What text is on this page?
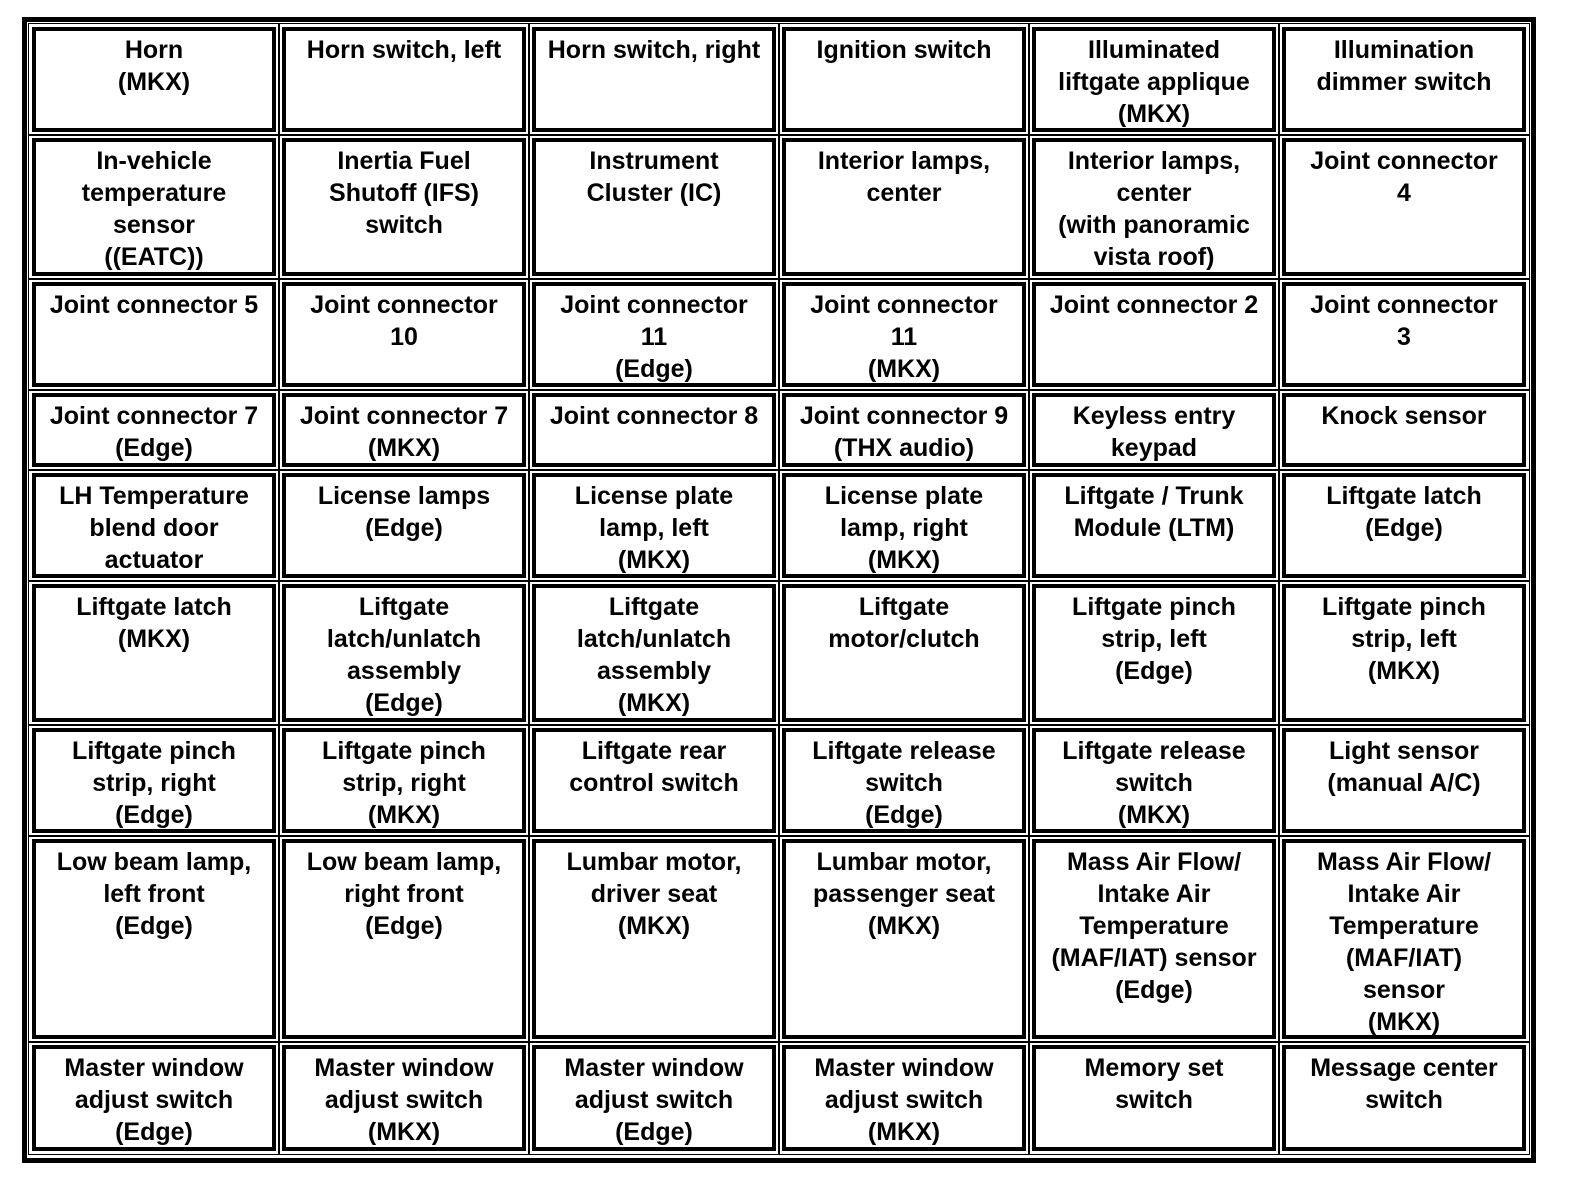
Horn
(MKX)
Horn switch, left Horn switch, right Ignition switch	Illuminated
liftgate applique
(MKX)
Illumination
dimmer switch
In-vehicle
temperature
sensor
((EATC))
Inertia Fuel
Shutoff (IFS)
switch
Instrument
Cluster (IC)
Interior lamps,
center
Interior lamps,
center
(with panoramic
vista roof)
Joint connector
4
Joint connector 5 Joint connector
10
Joint connector
11
(Edge)
Joint connector
11
(MKX)
Joint connector 2 Joint connector
3
Joint connector 7
(Edge)
Joint connector 7
(MKX)
Joint connector 8 Joint connector 9
(THX audio)
Keyless entry
keypad
Knock sensor
LH Temperature
blend door
actuator
License lamps
(Edge)
License plate
lamp, left
(MKX)
License plate
lamp, right
(MKX)
Liftgate / Trunk
Module (LTM)
Liftgate latch
(Edge)
Liftgate latch
(MKX)
Liftgate
latch/unlatch
assembly
(Edge)
Liftgate
latch/unlatch
assembly
(MKX)
Liftgate
motor/clutch
Liftgate pinch
strip, left
(Edge)
Liftgate pinch
strip, left
(MKX)
Liftgate pinch
strip, right
(Edge)
Liftgate pinch
strip, right
(MKX)
Liftgate rear
control switch
Liftgate release
switch
(Edge)
Liftgate release
switch
(MKX)
Light sensor
(manual A/C)
Low beam lamp,
left front
(Edge)
Low beam lamp,
right front
(Edge)
Lumbar motor,
driver seat
(MKX)
Lumbar motor,
passenger seat
(MKX)
Mass Air Flow/
Intake Air
Temperature
(MAF/IAT) sensor
(Edge)
Mass Air Flow/
Intake Air
Temperature
(MAF/IAT)
sensor
(MKX)
Master window
adjust switch
(Edge)
Master window
adjust switch
(MKX)
Master window
adjust switch
(Edge)
Master window
adjust switch
(MKX)
Memory set
switch
Message center
switch
